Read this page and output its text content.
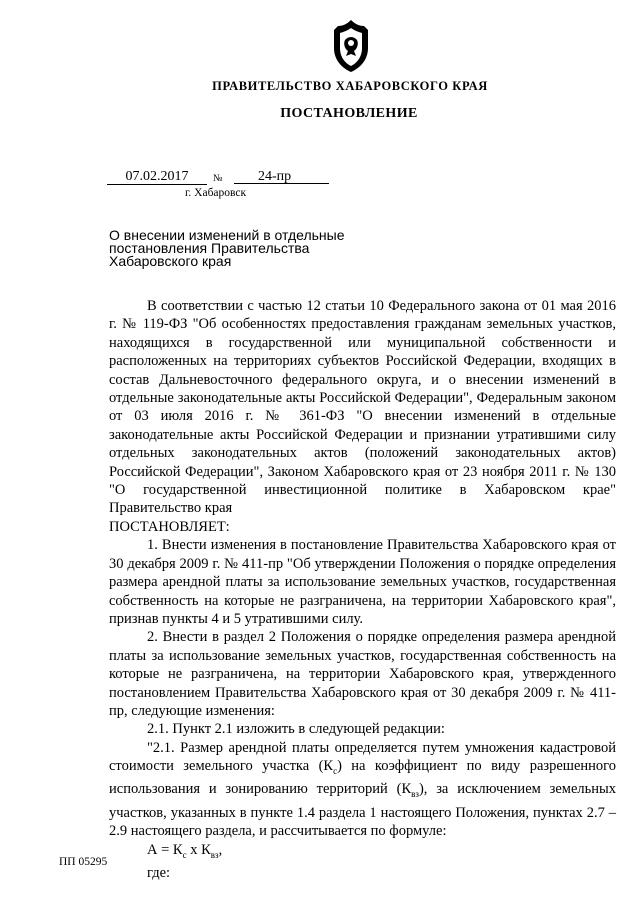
ПРАВИТЕЛЬСТВО ХАБАРОВСКОГО КРАЯ
ПОСТАНОВЛЕНИЕ
07.02.2017	№	24-пр
г. Хабаровск
О внесении изменений в отдельные постановления Правительства Хабаровского края

В соответствии с частью 12 статьи 10 Федерального закона от 01 мая 2016 г. № 119-ФЗ "Об особенностях предоставления гражданам земельных участков, находящихся в государственной или муниципальной собственности и расположенных на территориях субъектов Российской Федерации, входящих в состав Дальневосточного федерального округа, и о внесении изменений в отдельные законодательные акты Российской Федерации", Федеральным законом от 03 июля 2016 г. № 361-ФЗ "О внесении изменений в отдельные законодательные акты Российской Федерации и признании утратившими силу отдельных законодательных актов (положений законодательных актов) Российской Федерации", Законом Хабаровского края от 23 ноября 2011 г. № 130 "О государственной инвестиционной политике в Хабаровском крае" Правительство края

ПОСТАНОВЛЯЕТ:

1. Внести изменения в постановление Правительства Хабаровского края от 30 декабря 2009 г. № 411-пр "Об утверждении Положения о порядке определения размера арендной платы за использование земельных участков, государственная собственность на которые не разграничена, на территории Хабаровского края", признав пункты 4 и 5 утратившими силу.

2. Внести в раздел 2 Положения о порядке определения размера арендной платы за использование земельных участков, государственная собственность на которые не разграничена, на территории Хабаровского края, утвержденного постановлением Правительства Хабаровского края от 30 декабря 2009 г. № 411-пр, следующие изменения:

2.1. Пункт 2.1 изложить в следующей редакции:

"2.1. Размер арендной платы определяется путем умножения кадастровой стоимости земельного участка $(К_с)$ на коэффициент по виду разрешенного использования и зонированию территорий $(К_{вз})$, за исключением земельных участков, указанных в пункте 1.4 раздела 1 настоящего Положения, пунктах 2.7 – 2.9 настоящего раздела, и рассчитывается по формуле:

$А = К_с$ x $К_{вз}$,

где:

ПП 05295
